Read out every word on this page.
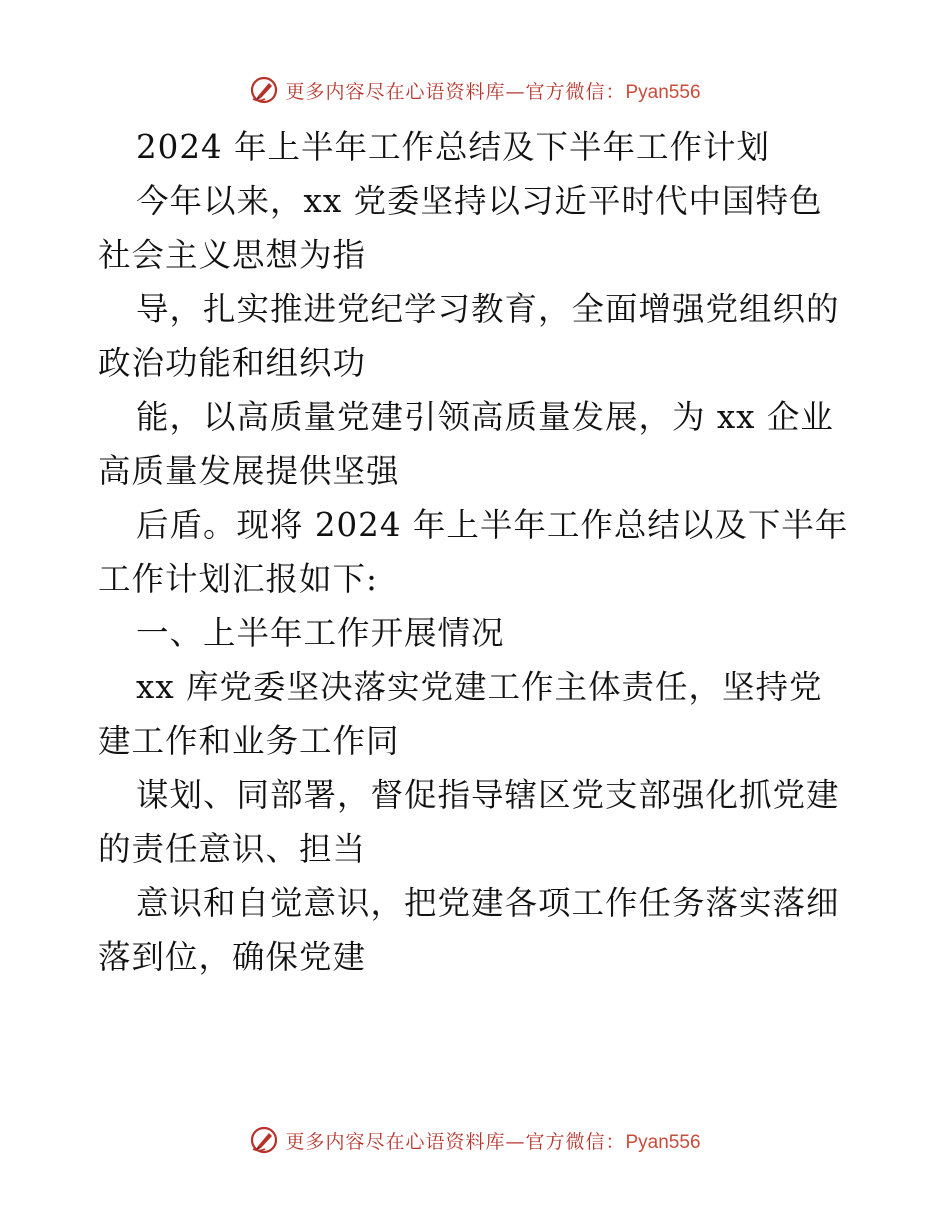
更多内容尽在心语资料库—官方微信：Pyan556
2024 年上半年工作总结及下半年工作计划
今年以来，xx 党委坚持以习近平时代中国特色
社会主义思想为指
导，扎实推进党纪学习教育，全面增强党组织的
政治功能和组织功
能，以高质量党建引领高质量发展，为 xx 企业
高质量发展提供坚强
后盾。现将 2024 年上半年工作总结以及下半年
工作计划汇报如下:
一、上半年工作开展情况
xx 库党委坚决落实党建工作主体责任，坚持党
建工作和业务工作同
谋划、同部署，督促指导辖区党支部强化抓党建
的责任意识、担当
意识和自觉意识，把党建各项工作任务落实落细
落到位，确保党建
更多内容尽在心语资料库—官方微信：Pyan556
